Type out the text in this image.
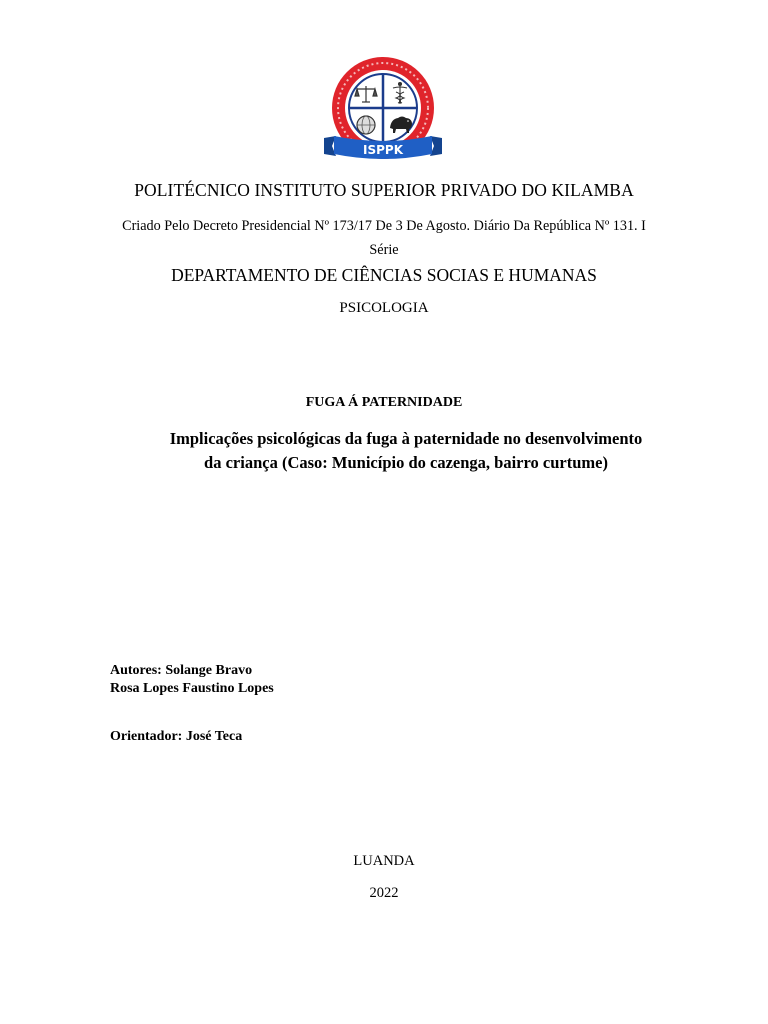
ISPPK
POLITÉCNICO INSTITUTO SUPERIOR PRIVADO DO KILAMBA
Criado Pelo Decreto Presidencial Nº 173/17 De 3 De Agosto. Diário Da República Nº 131. I Série
DEPARTAMENTO DE CIÊNCIAS SOCIAS E HUMANAS
PSICOLOGIA
FUGA Á PATERNIDADE
Implicações psicológicas da fuga à paternidade no desenvolvimento da criança (Caso: Município do cazenga, bairro curtume)
Autores: Solange Bravo
Rosa Lopes Faustino Lopes
Orientador: José Teca
LUANDA
2022
